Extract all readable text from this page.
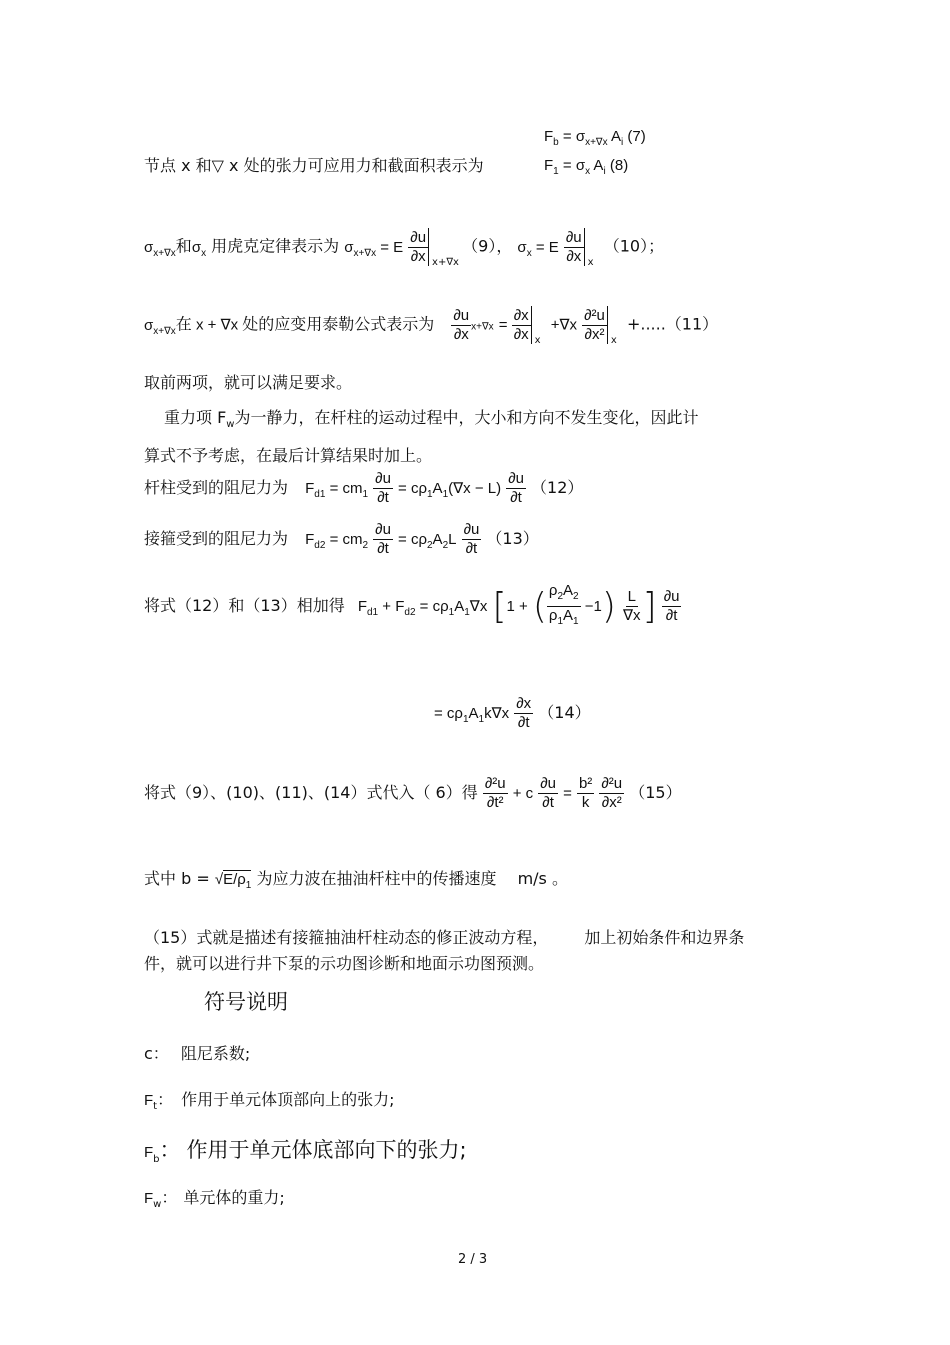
$F_b = \sigma_{x+\nabla x}$ $A_i$ (7)
节点 x 和▽ x 处的张力可应用力和截面积表示为	$F_1 = \sigma_x$ $A_i$ (8)
$\sigma_{x+\nabla x}$和$\sigma_x$ 用虎克定律表示为 $\sigma_{x+\nabla x} = E \frac{\partial u}{\partial x} x+\nabla x$
（9）， $\sigma_x = E \frac{\partial u}{\partial x}$ x
（10）；
$\sigma_{x+\nabla x}$在 x + ∇x 处的应变用泰勒公式表示为 $\frac{\partial u}{\partial x} x+\nabla x = \frac{\partial x}{\partial x}$ x
$+\nabla x \frac{\text{∂²u}}{\text{∂x²}}$ x
+.....（11）
取前两项，就可以满足要求。
重力项 $F_w$为一静力，在杆柱的运动过程中，大小和方向不发生变化，因此计
算式不予考虑，在最后计算结果时加上。
杆柱受到的阻尼力为 $F_{d1} = cm_1 \frac{\partial u}{\partial t} = c\rho_1A_1(\nabla x - L) \frac{\partial u}{\partial t} (12)$
接箍受到的阻尼力为 $F_{d2} = cm_2 \frac{\partial u}{\partial t} = c\rho_2A_2L \frac{\partial u}{\partial t} (13)$
将式（12）和（13）相加得 $F_{d1} + F_{d2} = c\rho_1A_1\nabla x$ [1 + ( $\frac{\rho_2A_2}{\rho_1A_1} -1) \frac{L}{\nabla x}$ ] $\frac{\partial u}{\partial t}$
= $c\rho_1A_1k\nabla x \frac{\partial x}{\partial t} (14)$
将式（9）、(10)、(11)、(14）式代入（ 6）得 $\frac{\text{∂²u}}{\text{∂t²}} + c \frac{\partial u}{\partial t} = \frac{\text{b²}}{k}$
$\frac{\text{∂²u}}{\text{∂x²}} (15)$
式中 $b = √E/\rho_1$ 为应力波在抽油杆柱中的传播速度 m/s 。
（15）式就是描述有接箍抽油杆柱动态的修正波动方程， 加上初始条件和边界条
件，就可以进行井下泵的示功图诊断和地面示功图预测。
符号说明
c： 阻尼系数;
$F_t$： 作用于单元体顶部向上的张力;
$F_b$： 作用于单元体底部向下的张力;
$F_w$： 单元体的重力;
2 / 3
